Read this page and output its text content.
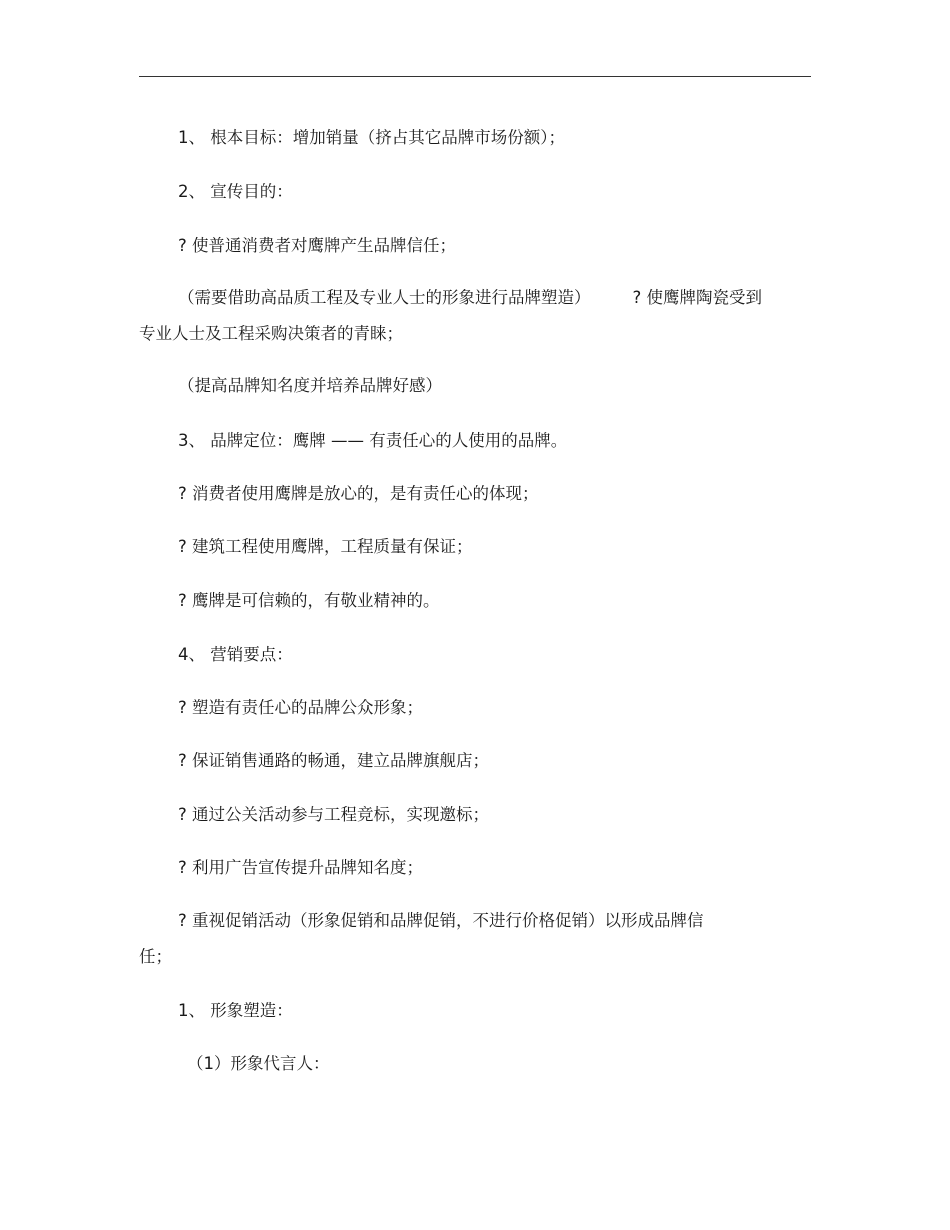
1、 根本目标：增加销量（挤占其它品牌市场份额）；
2、 宣传目的：
? 使普通消费者对鹰牌产生品牌信任；
（需要借助高品质工程及专业人士的形象进行品牌塑造）	? 使鹰牌陶瓷受到
专业人士及工程采购决策者的青睐；
（提高品牌知名度并培养品牌好感）
3、 品牌定位：鹰牌 —— 有责任心的人使用的品牌。
? 消费者使用鹰牌是放心的，是有责任心的体现；
? 建筑工程使用鹰牌，工程质量有保证；
? 鹰牌是可信赖的，有敬业精神的。
4、 营销要点：
? 塑造有责任心的品牌公众形象；
? 保证销售通路的畅通，建立品牌旗舰店；
? 通过公关活动参与工程竞标，实现邀标；
? 利用广告宣传提升品牌知名度；
? 重视促销活动（形象促销和品牌促销，不进行价格促销）以形成品牌信
任；
1、 形象塑造：
（1）形象代言人：
